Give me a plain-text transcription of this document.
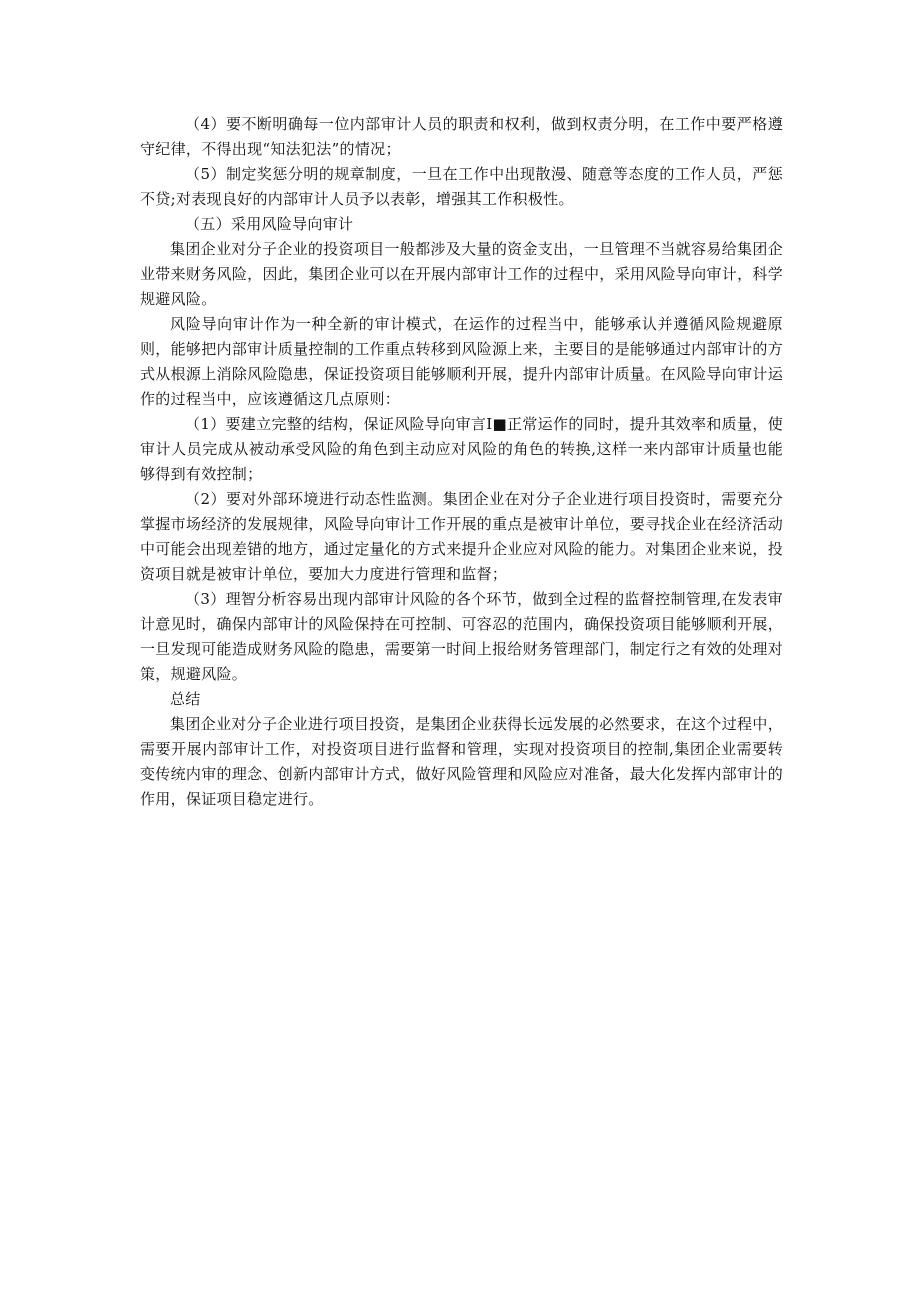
（4）要不断明确每一位内部审计人员的职责和权利，做到权责分明，在工作中要严格遵守纪律，不得出现“知法犯法”的情况；

（5）制定奖惩分明的规章制度，一旦在工作中出现散漫、随意等态度的工作人员，严惩不贷;对表现良好的内部审计人员予以表彰，增强其工作积极性。

（五）采用风险导向审计

集团企业对分子企业的投资项目一般都涉及大量的资金支出，一旦管理不当就容易给集团企业带来财务风险，因此，集团企业可以在开展内部审计工作的过程中，采用风险导向审计，科学规避风险。

风险导向审计作为一种全新的审计模式，在运作的过程当中，能够承认并遵循风险规避原则，能够把内部审计质量控制的工作重点转移到风险源上来，主要目的是能够通过内部审计的方式从根源上消除风险隐患，保证投资项目能够顺利开展，提升内部审计质量。在风险导向审计运作的过程当中，应该遵循这几点原则：

（1）要建立完整的结构，保证风险导向审言I■正常运作的同时，提升其效率和质量，使审计人员完成从被动承受风险的角色到主动应对风险的角色的转换,这样一来内部审计质量也能够得到有效控制；

（2）要对外部环境进行动态性监测。集团企业在对分子企业进行项目投资时，需要充分掌握市场经济的发展规律，风险导向审计工作开展的重点是被审计单位，要寻找企业在经济活动中可能会出现差错的地方，通过定量化的方式来提升企业应对风险的能力。对集团企业来说，投资项目就是被审计单位，要加大力度进行管理和监督；

（3）理智分析容易出现内部审计风险的各个环节，做到全过程的监督控制管理,在发表审计意见时，确保内部审计的风险保持在可控制、可容忍的范围内，确保投资项目能够顺利开展，一旦发现可能造成财务风险的隐患，需要第一时间上报给财务管理部门，制定行之有效的处理对策，规避风险。

总结

集团企业对分子企业进行项目投资，是集团企业获得长远发展的必然要求，在这个过程中，需要开展内部审计工作，对投资项目进行监督和管理，实现对投资项目的控制,集团企业需要转变传统内审的理念、创新内部审计方式，做好风险管理和风险应对准备，最大化发挥内部审计的作用，保证项目稳定进行。
